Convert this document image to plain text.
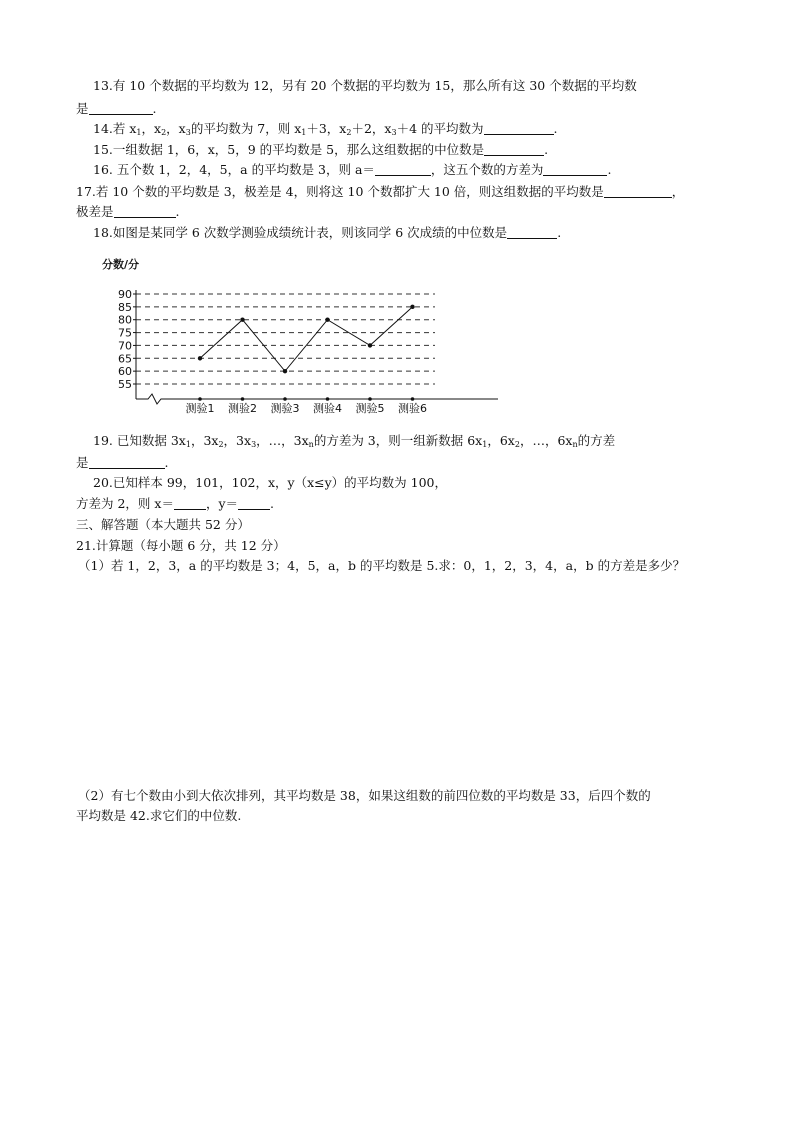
13.有 10 个数据的平均数为 12，另有 20 个数据的平均数为 15，那么所有这 30 个数据的平均数
是	.
14.若 $x_1$，$x_2$，$x_3$的平均数为 7，则 $x_1+3$，$x_2+2$，$x_3+4$ 的平均数为	.
15.一组数据 1，6，x，5，9 的平均数是 5，那么这组数据的中位数是	.
16. 五个数 1，2，4，5，a 的平均数是 3，则 a＝	，这五个数的方差为	.
17.若 10 个数的平均数是 3，极差是 4，则将这 10 个数都扩大 10 倍，则这组数据的平均数是	，
极差是	.
18.如图是某同学 6 次数学测验成绩统计表，则该同学 6 次成绩的中位数是	.
分数/分
55
60
65
70
75
80
85
90
测验1 测验2 测验3 测验4 测验5 测验6
19. 已知数据 $3x_1$，$3x_2$，$3x_3$，…，$3x_n$的方差为 3，则一组新数据 $6x_1$，$6x_2$，…，$6x_n$的方差
是	.
20.已知样本 99，101，102，x，y（x≤y）的平均数为 100，
方差为 2，则 x＝	，y＝	.
三、解答题（本大题共 52 分）
21.计算题（每小题 6 分，共 12 分）
（1）若 1，2，3，a 的平均数是 3；4，5，a，b 的平均数是 5.求：0，1，2，3，4，a，b 的方差是多少？
（2）有七个数由小到大依次排列，其平均数是 38，如果这组数的前四位数的平均数是 33，后四个数的
平均数是 42.求它们的中位数.
